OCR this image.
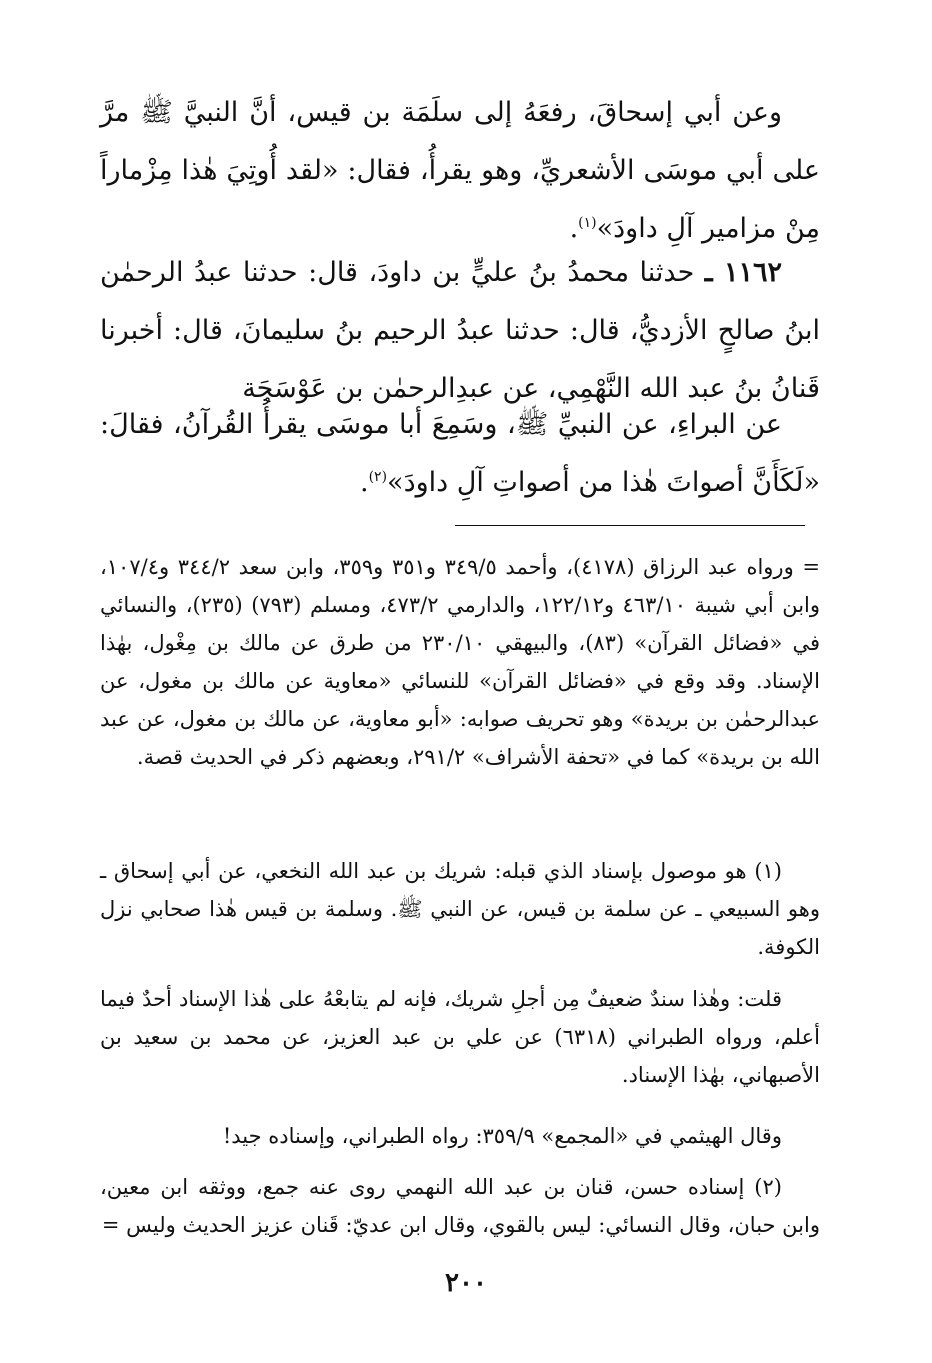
وعن أبي إسحاقَ، رفعَهُ إلى سلَمَة بن قيس، أنَّ النبيَّ ﷺ مرَّ على أبي موسَى الأشعريِّ، وهو يقرأُ، فقال: «لقد أُوتِيَ هٰذا مِزْماراً مِنْ مزامير آلِ داودَ»$^{(١)}$.

١١٦٢ ـ حدثنا محمدُ بنُ عليٍّ بن داودَ، قال: حدثنا عبدُ الرحمٰن ابنُ صالحٍ الأزديُّ، قال: حدثنا عبدُ الرحيم بنُ سليمانَ، قال: أخبرنا قَنانُ بنُ عبد الله النَّهْمِي، عن عبدِالرحمٰن بن عَوْسَجَة

عن البراءِ، عن النبيِّ ﷺ، وسَمِعَ أبا موسَى يقرأُ القُرآنُ، فقالَ: «لَكَأَنَّ أصواتَ هٰذا من أصواتِ آلِ داودَ»$^{(٢)}$.

= ورواه عبد الرزاق (٤١٧٨)، وأحمد ٣٤٩/٥ و٣٥١ و٣٥٩، وابن سعد ٣٤٤/٢ و١٠٧/٤، وابن أبي شيبة ٤٦٣/١٠ و١٢٢/١٢، والدارمي ٤٧٣/٢، ومسلم (٧٩٣) (٢٣٥)، والنسائي في «فضائل القرآن» (٨٣)، والبيهقي ٢٣٠/١٠ من طرق عن مالك بن مِغْول، بهٰذا الإسناد. وقد وقع في «فضائل القرآن» للنسائي «معاوية عن مالك بن مغول، عن عبدالرحمٰن بن بريدة» وهو تحريف صوابه: «أبو معاوية، عن مالك بن مغول، عن عبد الله بن بريدة» كما في «تحفة الأشراف» ٢٩١/٢، وبعضهم ذكر في الحديث قصة.

(١) هو موصول بإسناد الذي قبله: شريك بن عبد الله النخعي، عن أبي إسحاق ـ وهو السبيعي ـ عن سلمة بن قيس، عن النبي ﷺ. وسلمة بن قيس هٰذا صحابي نزل الكوفة.

قلت: وهٰذا سندٌ ضعيفٌ مِن أجلِ شريك، فإنه لم يتابعْهُ على هٰذا الإسناد أحدٌ فيما أعلم، ورواه الطبراني (٦٣١٨) عن علي بن عبد العزيز، عن محمد بن سعيد بن الأصبهاني، بهٰذا الإسناد.

وقال الهيثمي في «المجمع» ٣٥٩/٩: رواه الطبراني، وإسناده جيد!

(٢) إسناده حسن، قنان بن عبد الله النهمي روى عنه جمع، ووثقه ابن معين، وابن حبان، وقال النسائي: ليس بالقوي، وقال ابن عديّ: قَنان عزيز الحديث وليس =

٢٠٠
